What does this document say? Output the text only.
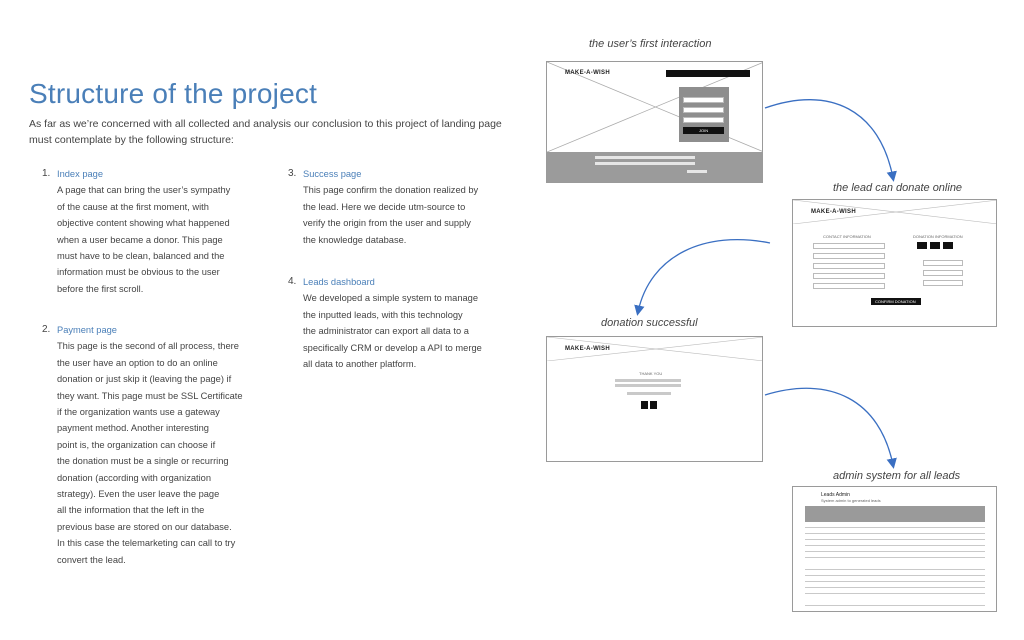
Structure of the project
As far as we’re concerned with all collected and analysis our conclusion to this project of landing page must contemplate by the following structure:
1. Index page

A page that can bring the user’s sympathy

of the cause at the first moment, with

objective content showing what happened

when a user became a donor. This page

must have to be clean, balanced and the

information must be obvious to the user

before the first scroll.

2. Payment page

This page is the second of all process, there

the user have an option to do an online

donation or just skip it (leaving the page) if

they want. This page must be SSL Certificate

if the organization wants use a gateway

payment method. Another interesting

point is, the organization can choose if

the donation must be a single or recurring

donation (according with organization

strategy). Even the user leave the page

all the information that the left in the

previous base are stored on our database.

In this case the telemarketing can call to try

convert the lead.

3. Success page

This page confirm the donation realized by

the lead. Here we decide utm-source to

verify the origin from the user and supply

the knowledge database.

4. Leads dashboard

We developed a simple system to manage

the inputted leads, with this technology

the administrator can export all data to a

specifically CRM or develop a API to merge

all data to another platform.

the user’s first interaction
the lead can donate online
donation successful
admin system for all leads
MAKE-A-WISH
JOIN
MAKE-A-WISH
CONTACT INFORMATION	DONATION INFORMATION
CONFIRM DONATION
MAKE-A-WISH
THANK YOU
Leads Admin
System admin to generated leads
